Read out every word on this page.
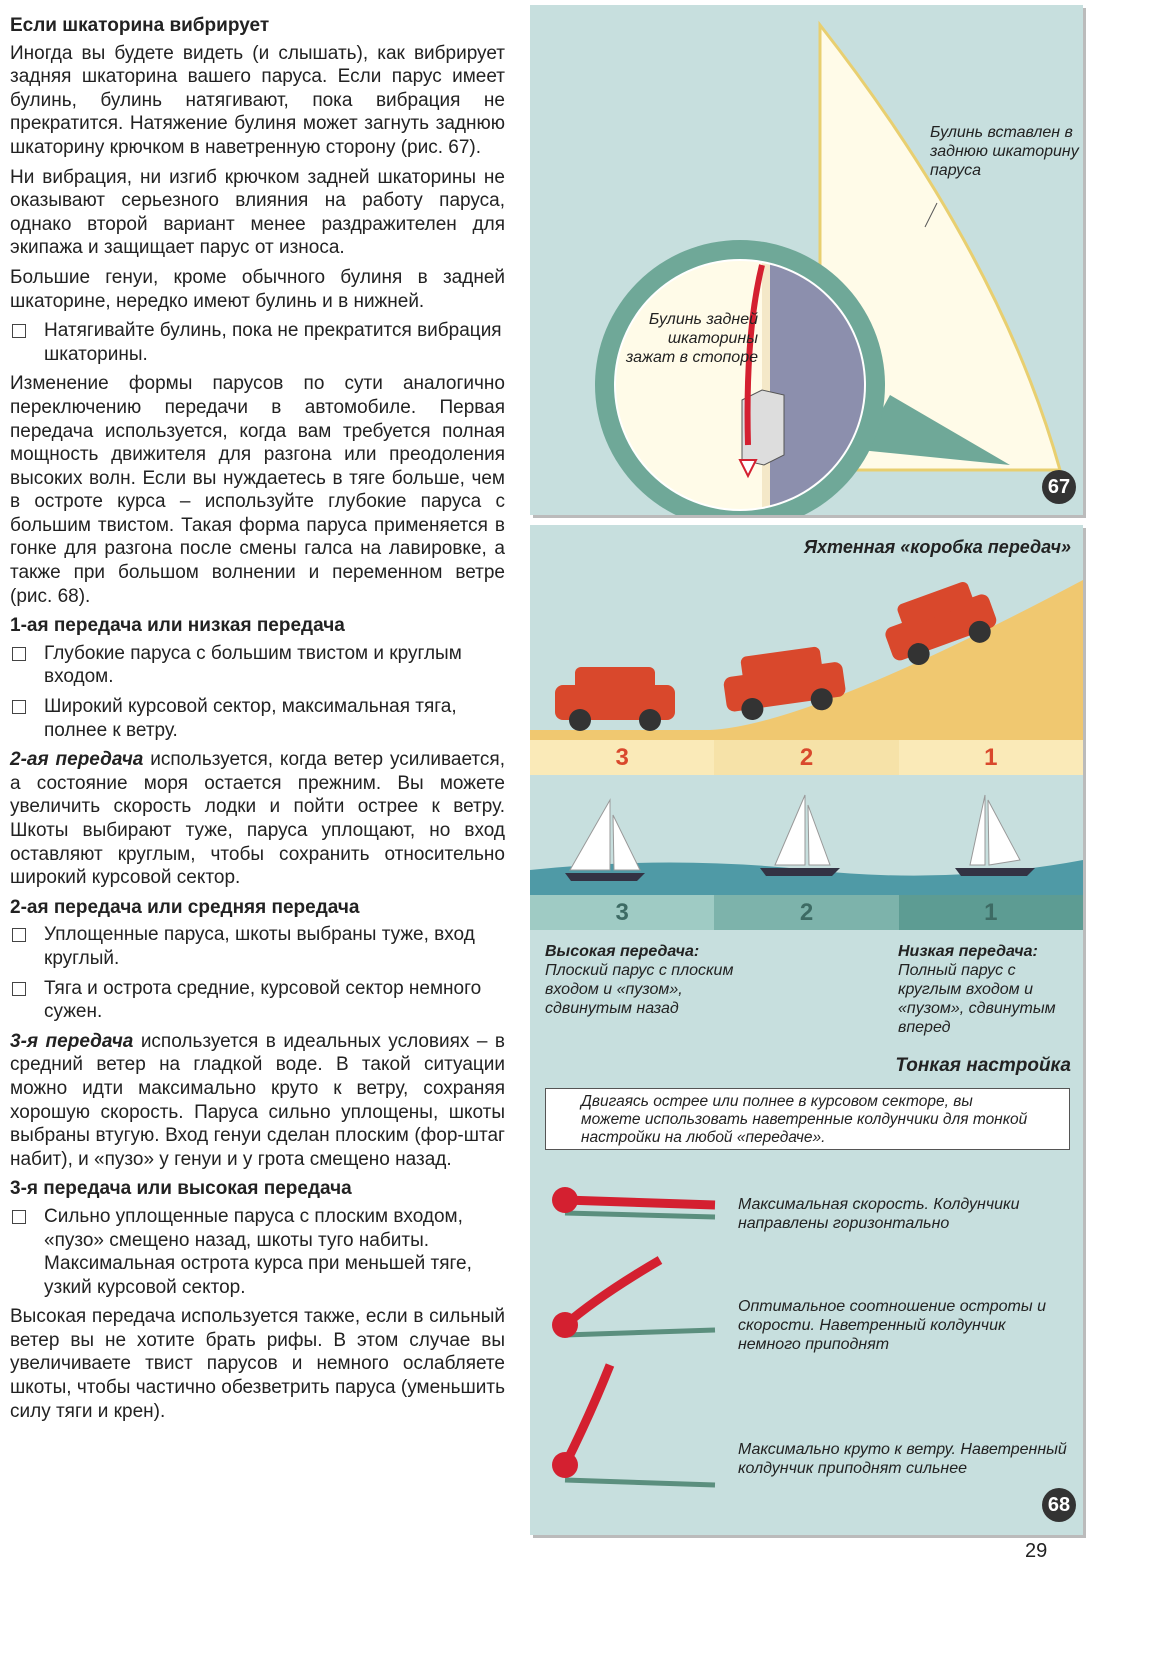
Если шкаторина вибрирует

Иногда вы будете видеть (и слышать), как вибрирует задняя шкаторина вашего паруса. Если парус имеет булинь, булинь натягивают, пока вибрация не прекратится. Натяжение булиня может загнуть заднюю шкаторину крючком в наветренную сторону (рис. 67).

Ни вибрация, ни изгиб крючком задней шкаторины не оказывают серьезного влияния на работу паруса, однако второй вариант менее раздражителен для экипажа и защищает парус от износа.

Большие генуи, кроме обычного булиня в задней шкаторине, нередко имеют булинь и в нижней.

Натягивайте булинь, пока не прекратится вибрация шкаторины.

Изменение формы парусов по сути аналогично переключению передачи в автомобиле. Первая передача используется, когда вам требуется полная мощность движителя для разгона или преодоления высоких волн. Если вы нуждаетесь в тяге больше, чем в остроте курса – используйте глубокие паруса с большим твистом. Такая форма паруса применяется в гонке для разгона после смены галса на лавировке, а также при большом волнении и переменном ветре (рис. 68).

1-ая передача или низкая передача
Глубокие паруса с большим твистом и круглым входом.
Широкий курсовой сектор, максимальная тяга, полнее к ветру.

2-ая передача используется, когда ветер усиливается, а состояние моря остается прежним. Вы можете увеличить скорость лодки и пойти острее к ветру. Шкоты выбирают туже, паруса уплощают, но вход оставляют круглым, чтобы сохранить относительно широкий курсовой сектор.

2-ая передача или средняя передача
Уплощенные паруса, шкоты выбраны туже, вход круглый.
Тяга и острота средние, курсовой сектор немного сужен.

3-я передача используется в идеальных условиях – в средний ветер на гладкой воде. В такой ситуации можно идти максимально круто к ветру, сохраняя хорошую скорость. Паруса сильно уплощены, шкоты выбраны втугую. Вход генуи сделан плоским (фор-штаг набит), и «пузо» у генуи и у грота смещено назад.

3-я передача или высокая передача
Сильно уплощенные паруса с плоским входом, «пузо» смещено назад, шкоты туго набиты. Максимальная острота курса при меньшей тяге, узкий курсовой сектор.

Высокая передача используется также, если в сильный ветер вы не хотите брать рифы. В этом случае вы увеличиваете твист парусов и немного ослабляете шкоты, чтобы частично обезветрить паруса (уменьшить силу тяги и крен).

Булинь вставлен в заднюю шкаторину паруса
Булинь задней шкаторины зажат в стопоре
67
Яхтенная «коробка передач»
3	2	1
3	2	1
Высокая передача:
Плоский парус с плоским входом и «пузом», сдвинутым назад
Низкая передача:
Полный парус с круглым входом и «пузом», сдвинутым вперед
Тонкая настройка
Двигаясь острее или полнее в курсовом секторе, вы можете использовать наветренные колдунчики для тонкой настройки на любой «передаче».
Максимальная скорость. Колдунчики направлены горизонтально
Оптимальное соотношение остроты и скорости. Наветренный колдунчик немного приподнят
Максимально круто к ветру. Наветренный колдунчик приподнят сильнее
68
29
